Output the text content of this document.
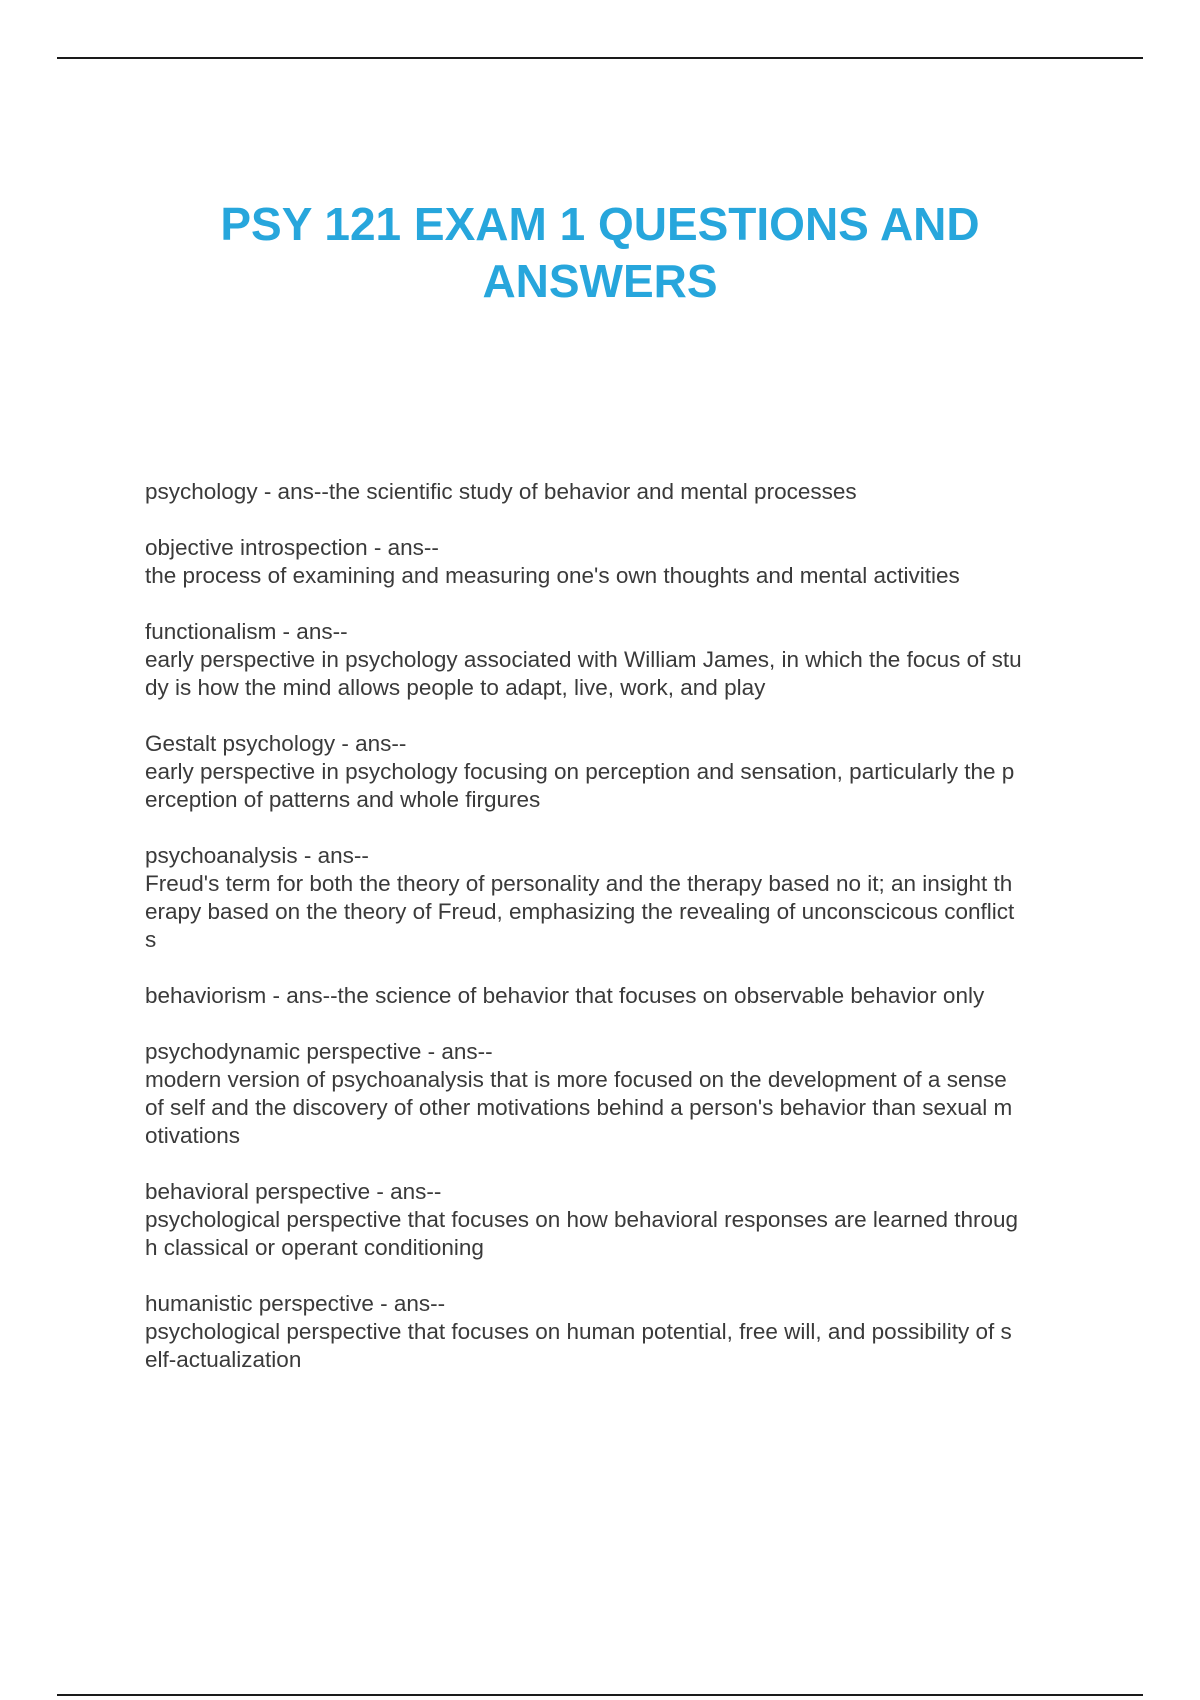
PSY 121 EXAM 1 QUESTIONS AND
ANSWERS
psychology - ans--the scientific study of behavior and mental processes
objective introspection - ans--
the process of examining and measuring one's own thoughts and mental activities
functionalism - ans--
early perspective in psychology associated with William James, in which the focus of stu
dy is how the mind allows people to adapt, live, work, and play
Gestalt psychology - ans--
early perspective in psychology focusing on perception and sensation, particularly the p
erception of patterns and whole firgures
psychoanalysis - ans--
Freud's term for both the theory of personality and the therapy based no it; an insight th
erapy based on the theory of Freud, emphasizing the revealing of unconscicous conflict
s
behaviorism - ans--the science of behavior that focuses on observable behavior only
psychodynamic perspective - ans--
modern version of psychoanalysis that is more focused on the development of a sense
of self and the discovery of other motivations behind a person's behavior than sexual m
otivations
behavioral perspective - ans--
psychological perspective that focuses on how behavioral responses are learned throug
h classical or operant conditioning
humanistic perspective - ans--
psychological perspective that focuses on human potential, free will, and possibility of s
elf-actualization
